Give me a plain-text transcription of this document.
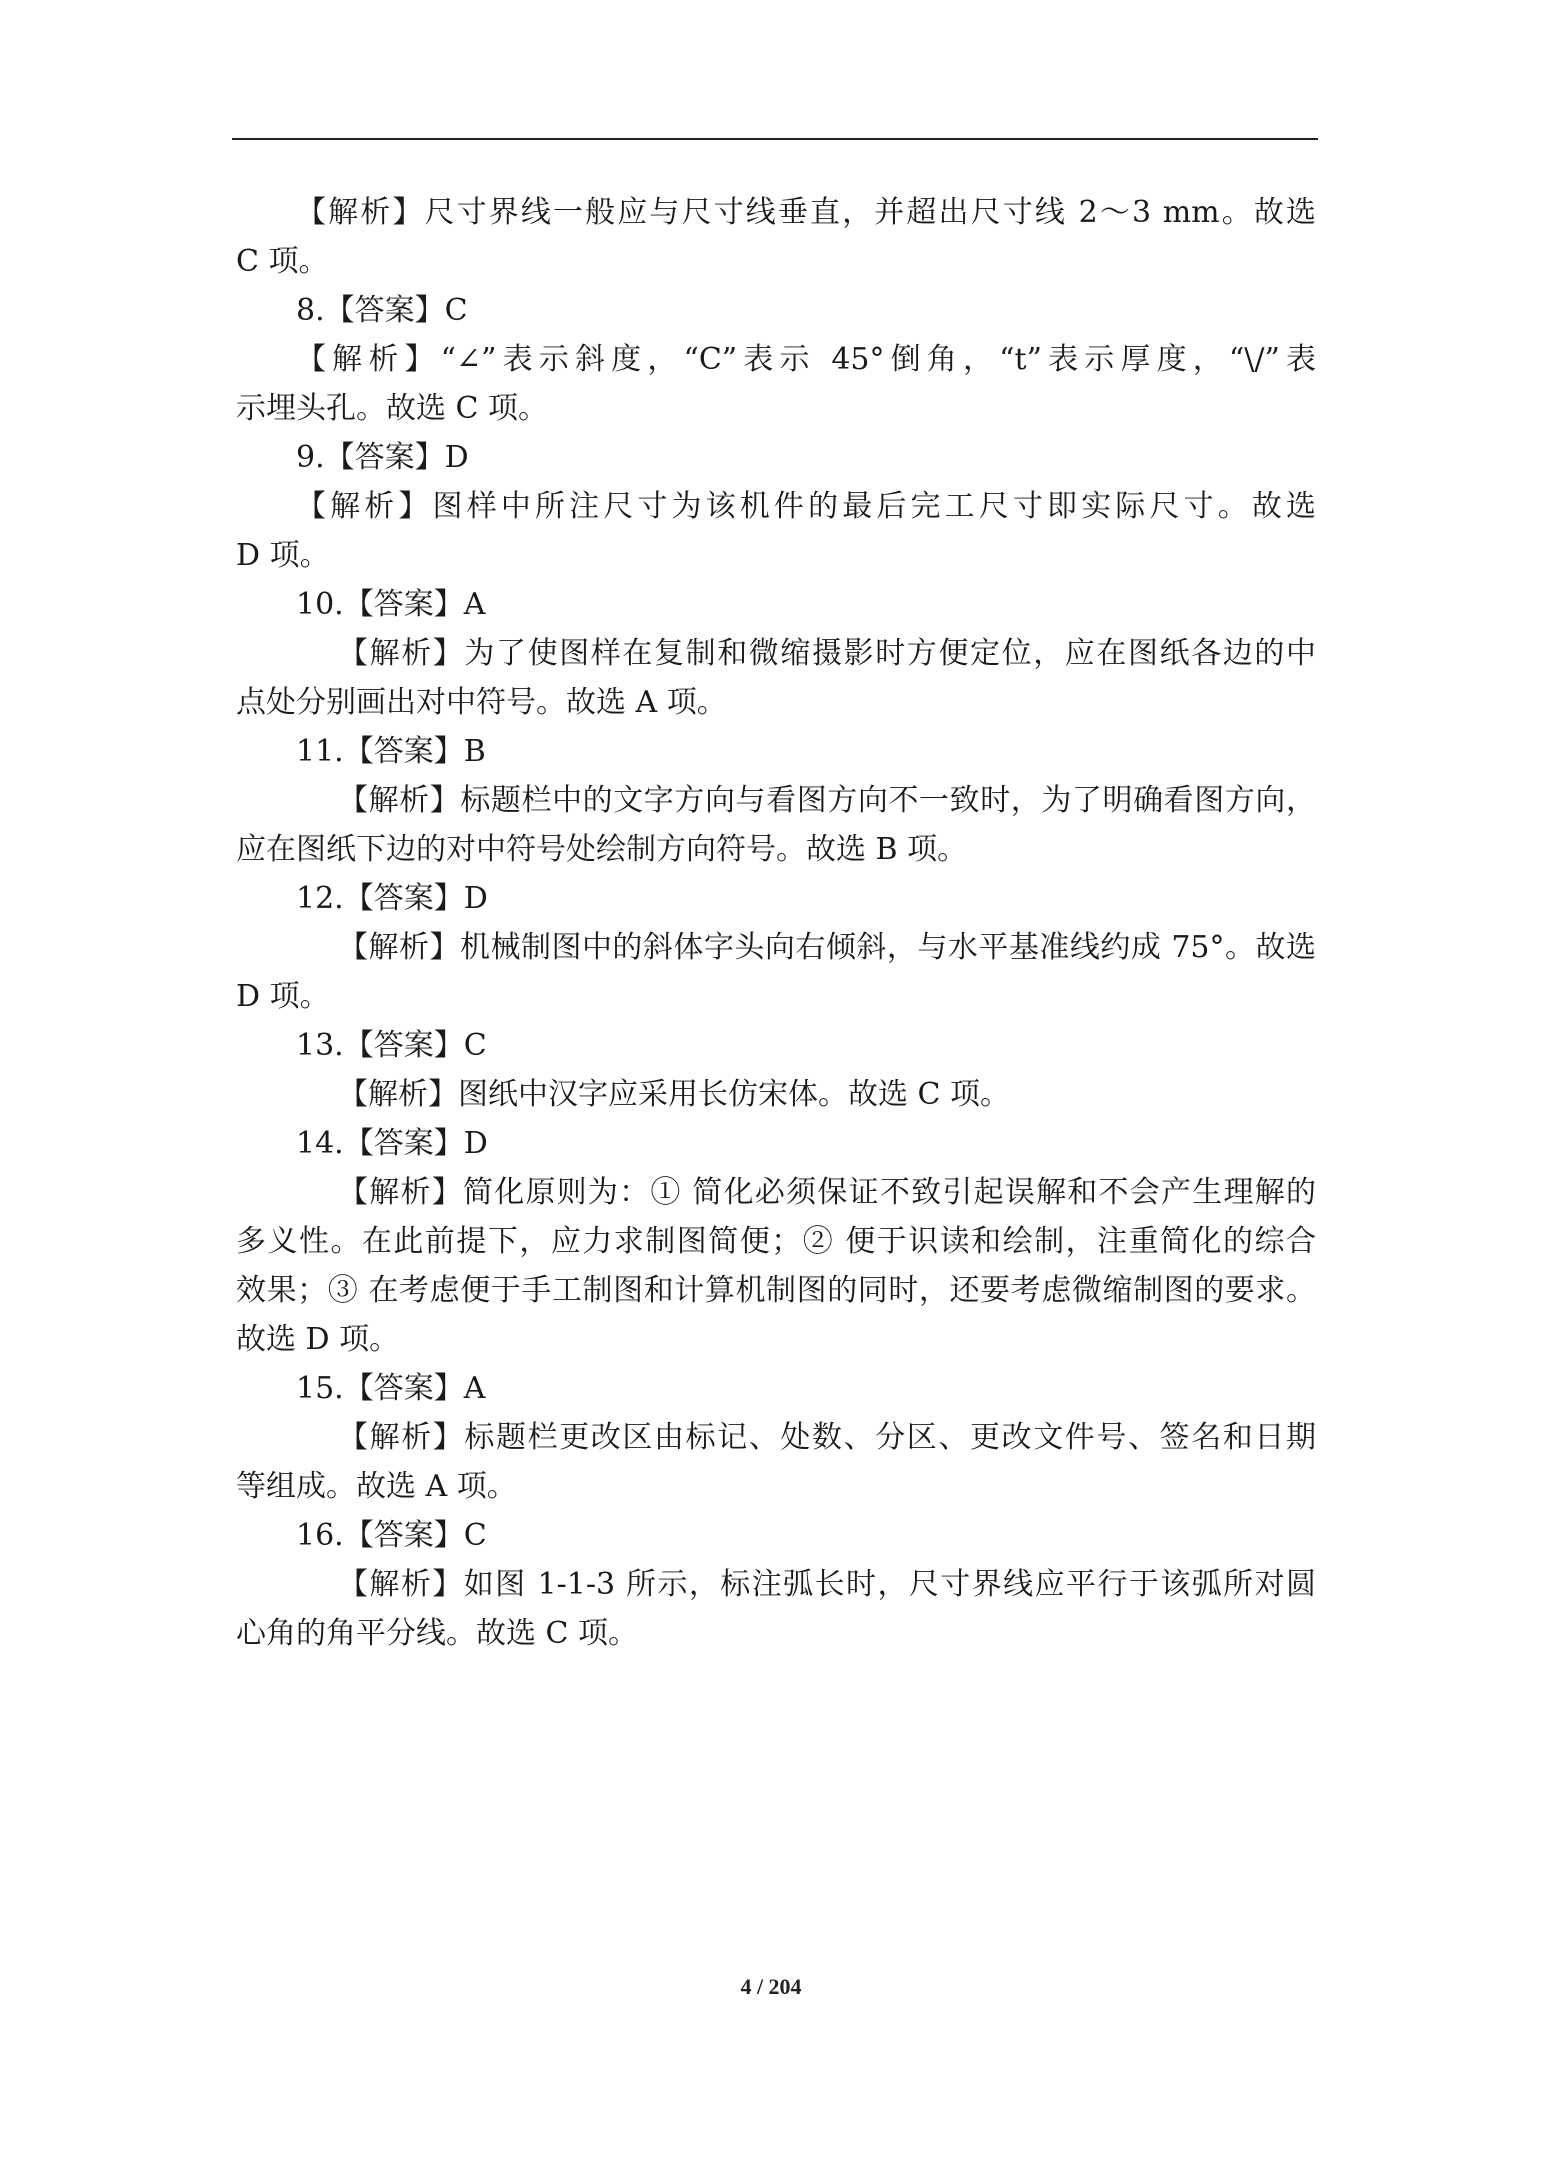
【解析】尺寸界线一般应与尺寸线垂直，并超出尺寸线 2～3 mm。故选
C 项。
8.【答案】C
【解析】“∠”表示斜度，“C”表示 45°倒角，“t”表示厚度，“\/”表
示埋头孔。故选 C 项。
9.【答案】D
【解析】图样中所注尺寸为该机件的最后完工尺寸即实际尺寸。故选
D 项。
10.【答案】A
【解析】为了使图样在复制和微缩摄影时方便定位，应在图纸各边的中
点处分别画出对中符号。故选 A 项。
11.【答案】B
【解析】标题栏中的文字方向与看图方向不一致时，为了明确看图方向，
应在图纸下边的对中符号处绘制方向符号。故选 B 项。
12.【答案】D
【解析】机械制图中的斜体字头向右倾斜，与水平基准线约成 75°。故选
D 项。
13.【答案】C
【解析】图纸中汉字应采用长仿宋体。故选 C 项。
14.【答案】D
【解析】简化原则为：① 简化必须保证不致引起误解和不会产生理解的
多义性。在此前提下，应力求制图简便；② 便于识读和绘制，注重简化的综合
效果；③ 在考虑便于手工制图和计算机制图的同时，还要考虑微缩制图的要求。
故选 D 项。
15.【答案】A
【解析】标题栏更改区由标记、处数、分区、更改文件号、签名和日期
等组成。故选 A 项。
16.【答案】C
【解析】如图 1-1-3 所示，标注弧长时，尺寸界线应平行于该弧所对圆
心角的角平分线。故选 C 项。
4 / 204
